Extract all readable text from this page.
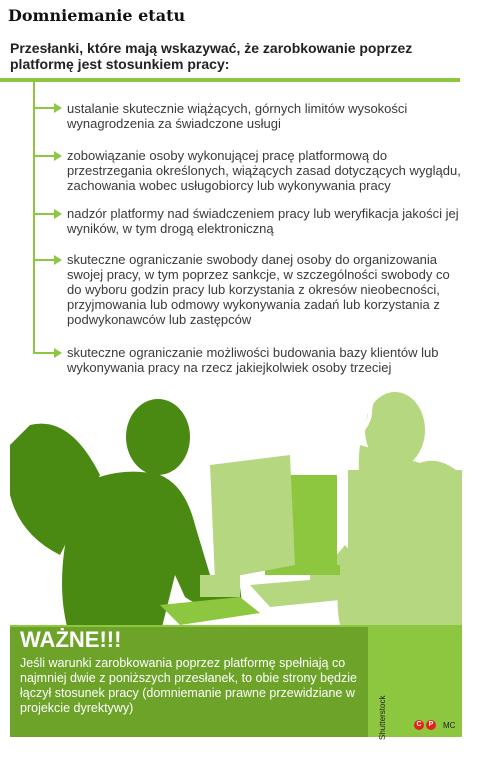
Domniemanie etatu
Przesłanki, które mają wskazywać, że zarobkowanie poprzez platformę jest stosunkiem pracy:
ustalanie skutecznie wiążących, górnych limitów wysokości wynagrodzenia za świadczone usługi
zobowiązanie osoby wykonującej pracę platformową do przestrzegania określonych, wiążących zasad dotyczących wyglądu, zachowania wobec usługobiorcy lub wykonywania pracy
nadzór platformy nad świadczeniem pracy lub weryfikacja jakości jej wyników, w tym drogą elektroniczną
skuteczne ograniczanie swobody danej osoby do organizowania swojej pracy, w tym poprzez sankcje, w szczególności swobody co do wyboru godzin pracy lub korzystania z okresów nieobecności, przyjmowania lub odmowy wykonywania zadań lub korzystania z podwykonawców lub zastępców
skuteczne ograniczanie możliwości budowania bazy klientów lub wykonywania pracy na rzecz jakiejkolwiek osoby trzeciej
WAŻNE!!!
Jeśli warunki zarobkowania poprzez platformę spełniają co najmniej dwie z poniższych przesłanek, to obie strony będzie łączył stosunek pracy (domniemanie prawne przewidziane w projekcie dyrektywy)	Shutterstock	C	P	MC
